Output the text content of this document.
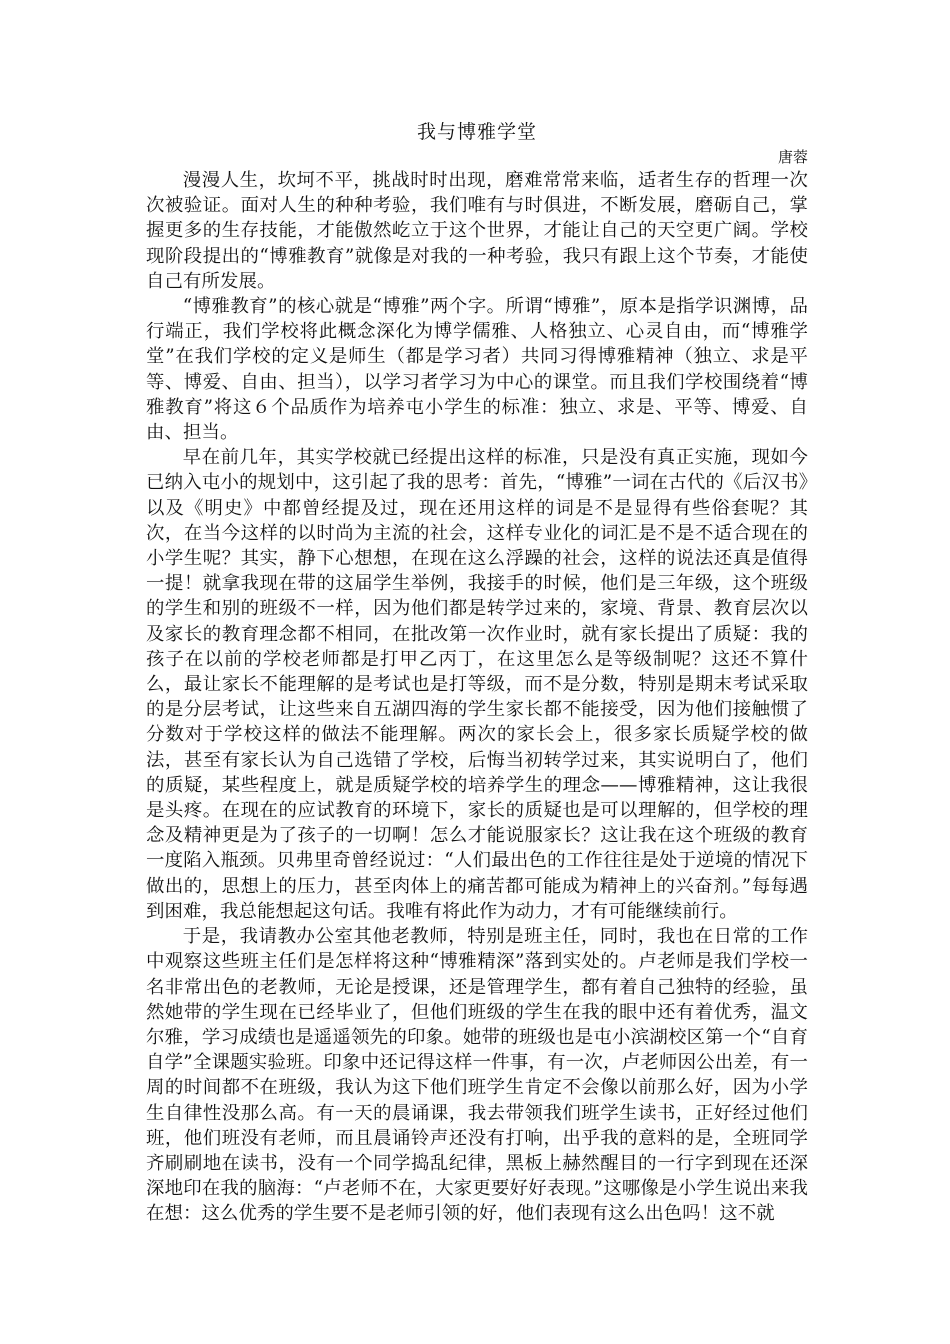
我与博雅学堂

唐蓉

漫漫人生，坎坷不平，挑战时时出现，磨难常常来临，适者生存的哲理一次次被验证。面对人生的种种考验，我们唯有与时俱进，不断发展，磨砺自己，掌握更多的生存技能，才能傲然屹立于这个世界，才能让自己的天空更广阔。学校现阶段提出的“博雅教育”就像是对我的一种考验，我只有跟上这个节奏，才能使自己有所发展。

“博雅教育”的核心就是“博雅”两个字。所谓“博雅”，原本是指学识渊博，品行端正，我们学校将此概念深化为博学儒雅、人格独立、心灵自由，而“博雅学堂”在我们学校的定义是师生（都是学习者）共同习得博雅精神（独立、求是平等、博爱、自由、担当），以学习者学习为中心的课堂。而且我们学校围绕着“博雅教育”将这６个品质作为培养屯小学生的标准：独立、求是、平等、博爱、自由、担当。

早在前几年，其实学校就已经提出这样的标准，只是没有真正实施，现如今已纳入屯小的规划中，这引起了我的思考：首先，“博雅”一词在古代的《后汉书》以及《明史》中都曾经提及过，现在还用这样的词是不是显得有些俗套呢？其次，在当今这样的以时尚为主流的社会，这样专业化的词汇是不是不适合现在的小学生呢？其实，静下心想想，在现在这么浮躁的社会，这样的说法还真是值得一提！就拿我现在带的这届学生举例，我接手的时候，他们是三年级，这个班级的学生和别的班级不一样，因为他们都是转学过来的，家境、背景、教育层次以及家长的教育理念都不相同，在批改第一次作业时，就有家长提出了质疑：我的孩子在以前的学校老师都是打甲乙丙丁，在这里怎么是等级制呢？这还不算什么，最让家长不能理解的是考试也是打等级，而不是分数，特别是期末考试采取的是分层考试，让这些来自五湖四海的学生家长都不能接受，因为他们接触惯了分数对于学校这样的做法不能理解。两次的家长会上，很多家长质疑学校的做法，甚至有家长认为自己选错了学校，后悔当初转学过来，其实说明白了，他们的质疑，某些程度上，就是质疑学校的培养学生的理念——博雅精神，这让我很是头疼。在现在的应试教育的环境下，家长的质疑也是可以理解的，但学校的理念及精神更是为了孩子的一切啊！怎么才能说服家长？这让我在这个班级的教育一度陷入瓶颈。贝弗里奇曾经说过：“人们最出色的工作往往是处于逆境的情况下做出的，思想上的压力，甚至肉体上的痛苦都可能成为精神上的兴奋剂。”每每遇到困难，我总能想起这句话。我唯有将此作为动力，才有可能继续前行。

于是，我请教办公室其他老教师，特别是班主任，同时，我也在日常的工作中观察这些班主任们是怎样将这种“博雅精深”落到实处的。卢老师是我们学校一名非常出色的老教师，无论是授课，还是管理学生，都有着自己独特的经验，虽然她带的学生现在已经毕业了，但他们班级的学生在我的眼中还有着优秀，温文尔雅，学习成绩也是遥遥领先的印象。她带的班级也是屯小滨湖校区第一个“自育自学”全课题实验班。印象中还记得这样一件事，有一次，卢老师因公出差，有一周的时间都不在班级，我认为这下他们班学生肯定不会像以前那么好，因为小学生自律性没那么高。有一天的晨诵课，我去带领我们班学生读书，正好经过他们班，他们班没有老师，而且晨诵铃声还没有打响，出乎我的意料的是，全班同学齐刷刷地在读书，没有一个同学捣乱纪律，黑板上赫然醒目的一行字到现在还深深地印在我的脑海：“卢老师不在，大家更要好好表现。”这哪像是小学生说出来我在想：这么优秀的学生要不是老师引领的好，他们表现有这么出色吗！这不就
